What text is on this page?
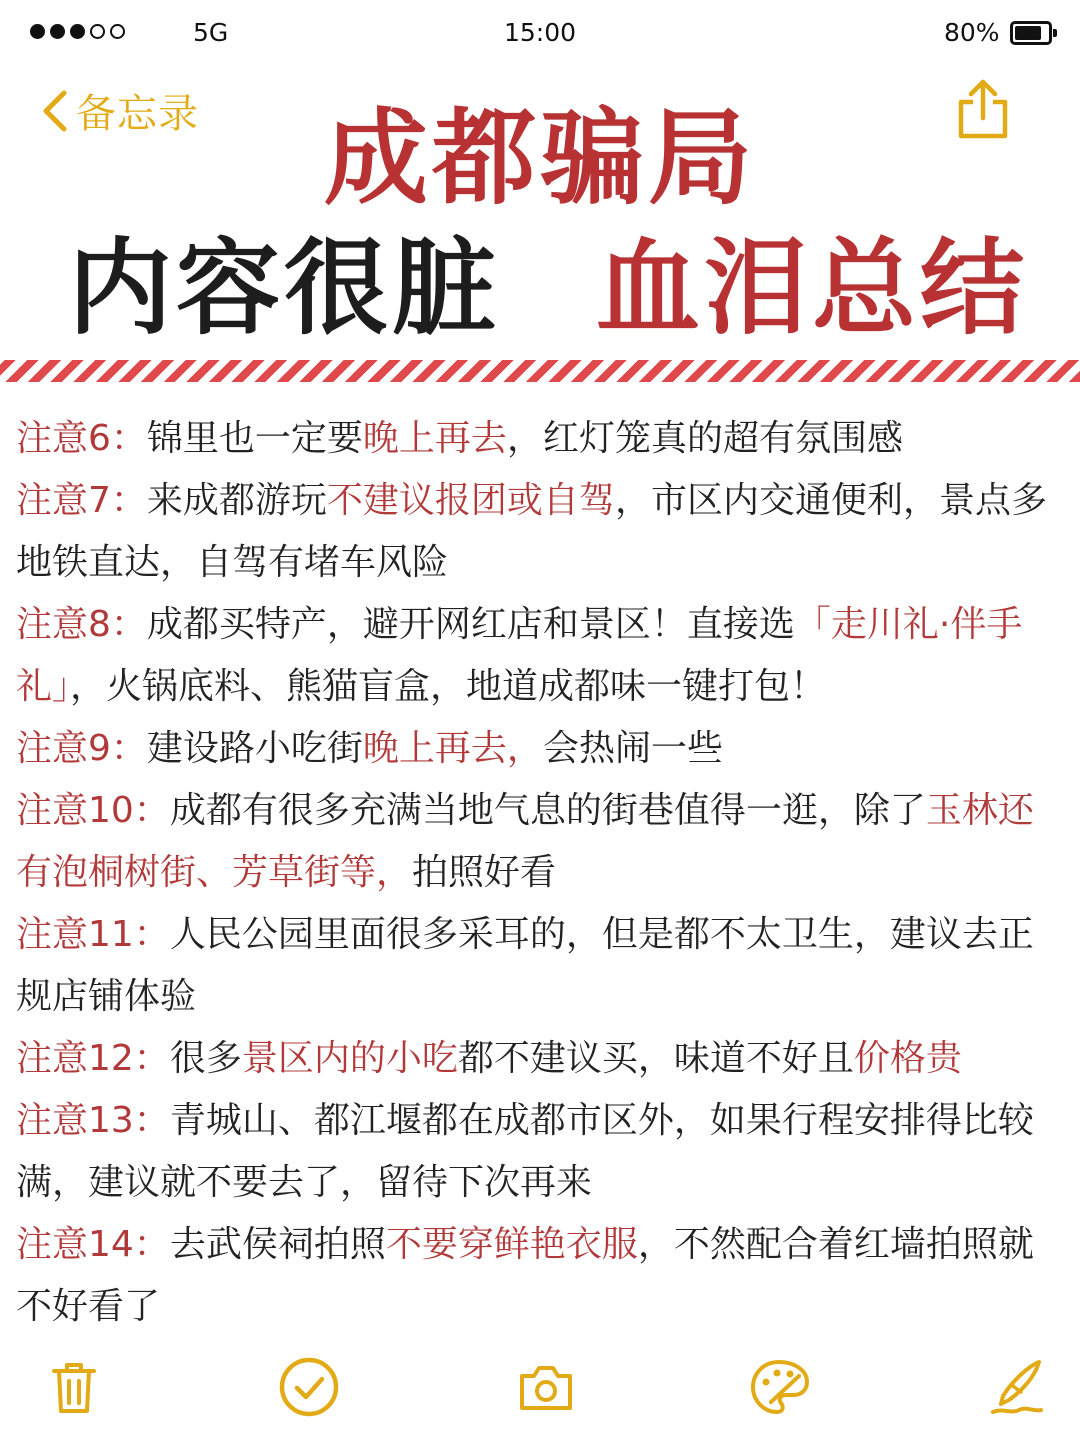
5G	15:00	80%
备忘录	成都骗局
内容很脏 血泪总结
注意6：锦里也一定要晚上再去，红灯笼真的超有氛围感
注意7：来成都游玩不建议报团或自驾，市区内交通便利，景点多地铁直达，自驾有堵车风险
注意8：成都买特产，避开网红店和景区！直接选「走川礼·伴手礼」，火锅底料、熊猫盲盒，地道成都味一键打包！
注意9：建设路小吃街晚上再去，会热闹一些
注意10：成都有很多充满当地气息的街巷值得一逛，除了玉林还有泡桐树街、芳草街等，拍照好看
注意11：人民公园里面很多采耳的，但是都不太卫生，建议去正规店铺体验
注意12：很多景区内的小吃都不建议买，味道不好且价格贵
注意13：青城山、都江堰都在成都市区外，如果行程安排得比较满，建议就不要去了，留待下次再来
注意14：去武侯祠拍照不要穿鲜艳衣服，不然配合着红墙拍照就不好看了
